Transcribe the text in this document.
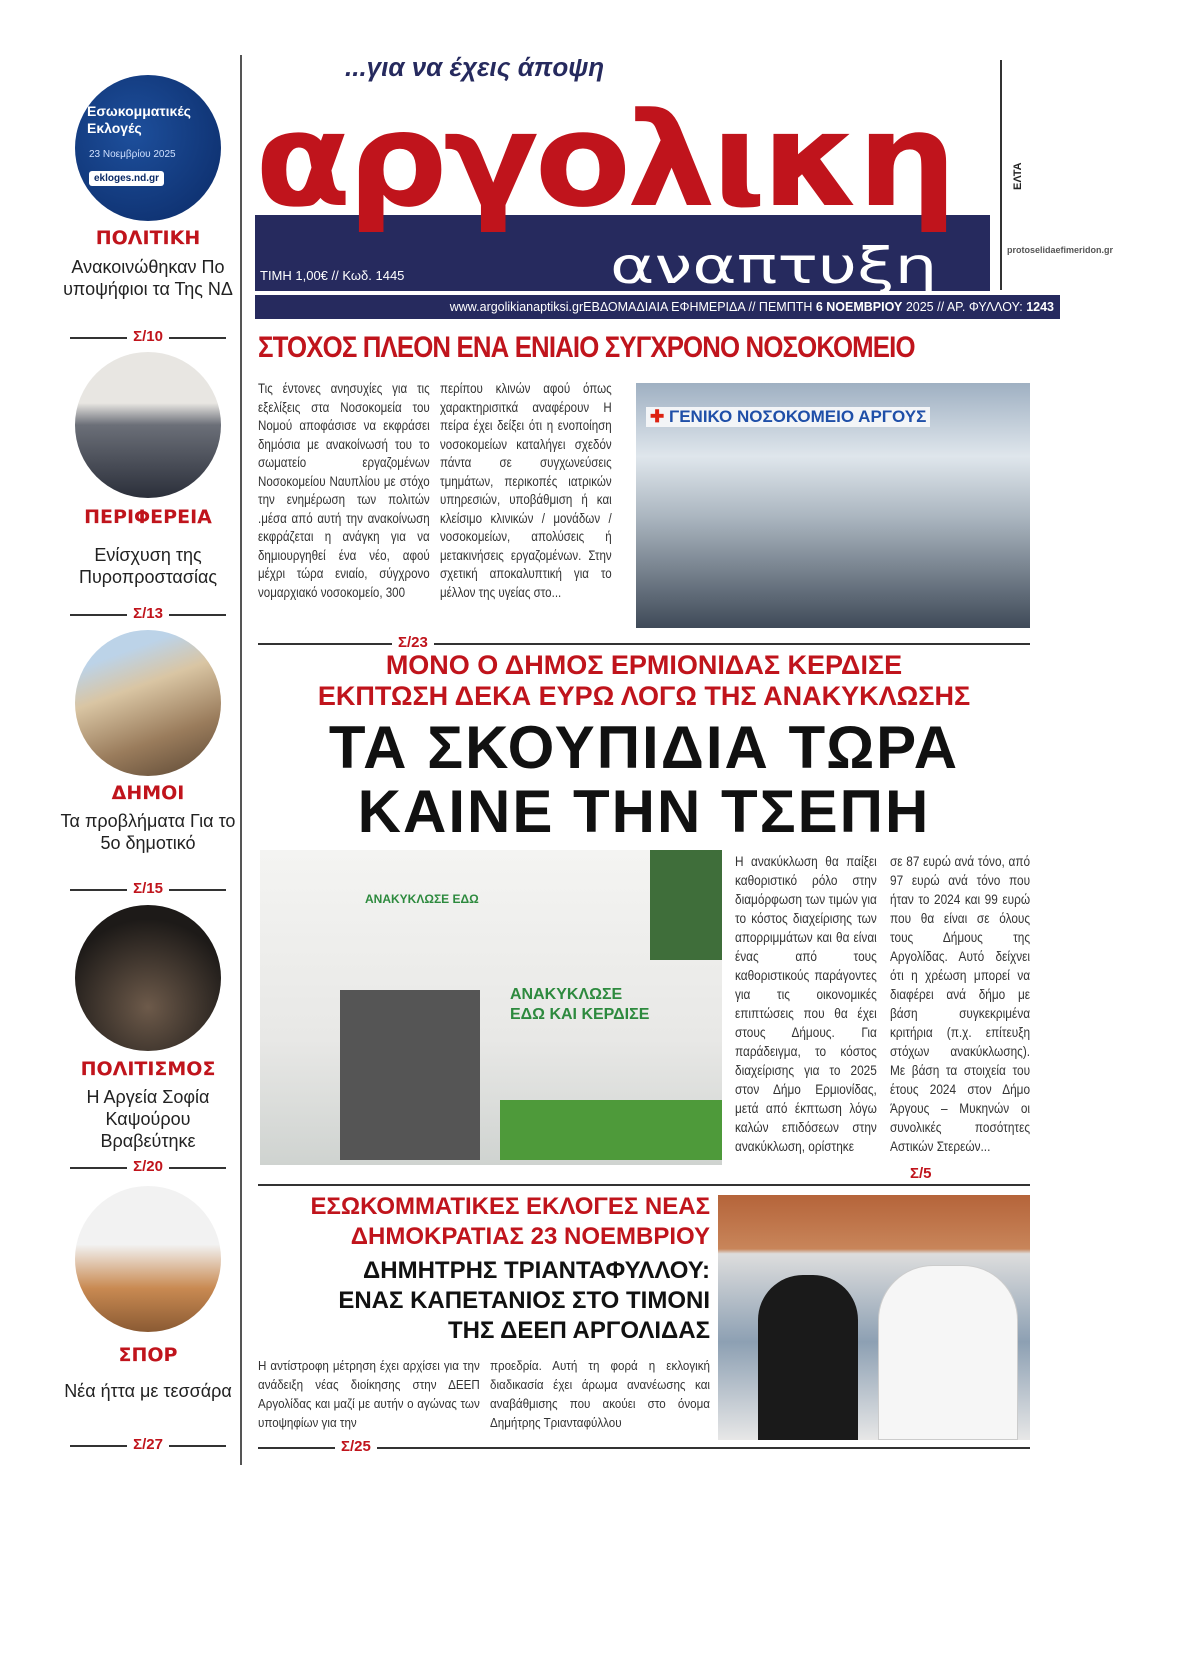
Εσωκομματικές Εκλογές
23 Νοεμβρίου 2025
ekloges.nd.gr
ΠΟΛΙΤΙΚΗ
Ανακοινώθηκαν Πο υποψήφιοι τα Της ΝΔ
Σ/10
ΠΕΡΙΦΕΡΕΙΑ
Ενίσχυση της Πυροπροστασίας
Σ/13
ΔΗΜΟΙ
Τα προβλήματα Για το 5ο δημοτικό
Σ/15
ΠΟΛΙΤΙΣΜΟΣ
Η Αργεία Σοφία Καψούρου Βραβεύτηκε
Σ/20
ΣΠΟΡ
Νέα ήττα με τεσσάρα
Σ/27
...για να έχεις άποψη
αργολικη
αναπτυξη
ΤΙΜΗ 1,00€ // Κωδ. 1445
ΕΛΤΑ
protoselidaefimeridon.gr
www.argolikianaptiksi.grΕΒΔΟΜΑΔΙΑΙΑ ΕΦΗΜΕΡΙΔΑ // ΠΕΜΠΤΗ 6 ΝΟΕΜΒΡΙΟΥ 2025 // ΑΡ. ΦΥΛΛΟΥ: 1243
ΣΤΟΧΟΣ ΠΛΕΟΝ ΕΝΑ ΕΝΙΑΙΟ ΣΥΓΧΡΟΝΟ ΝΟΣΟΚΟΜΕΙΟ
Τις έντονες ανησυχίες για τις εξελίξεις στα Νοσοκομεία του Νομού αποφάσισε να εκφράσει δημόσια με ανακοίνωσή του το σωματείο εργαζομένων Νοσοκομείου Ναυπλίου με στόχο την ενημέρωση των πολιτών .μέσα από αυτή την ανακοίνωση εκφράζεται η ανάγκη για να δημιουργηθεί ένα νέο, αφού μέχρι τώρα ενιαίο, σύγχρονο νομαρχιακό νοσοκομείο, 300
περίπου κλινών αφού όπως χαρακτηρισιτκά αναφέρουν Η πείρα έχει δείξει ότι η ενοποίηση νοσοκομείων καταλήγει σχεδόν πάντα σε συγχωνεύσεις τμημάτων, περικοπές ιατρικών υπηρεσιών, υποβάθμιση ή και κλείσιμο κλινικών / μονάδων / νοσοκομείων, απολύσεις ή μετακινήσεις εργαζομένων. Στην σχετική αποκαλυπτική για το μέλλον της υγείας στο...
✚ ΓΕΝΙΚΟ ΝΟΣΟΚΟΜΕΙΟ ΑΡΓΟΥΣ
Σ/23
ΜΟΝΟ Ο ΔΗΜΟΣ ΕΡΜΙΟΝΙΔΑΣ ΚΕΡΔΙΣΕ
ΕΚΠΤΩΣΗ ΔΕΚΑ ΕΥΡΩ ΛΟΓΩ ΤΗΣ ΑΝΑΚΥΚΛΩΣΗΣ
ΤΑ ΣΚΟΥΠΙΔΙΑ ΤΩΡΑ
ΚΑΙΝΕ ΤΗΝ ΤΣΕΠΗ
ΑΝΑΚΥΚΛΩΣΕ ΕΔΩ
ΑΝΑΚΥΚΛΩΣΕ ΕΔΩ ΚΑΙ ΚΕΡΔΙΣΕ
Η ανακύκλωση θα παίξει καθοριστικό ρόλο στην διαμόρφωση των τιμών για το κόστος διαχείρισης των απορριμμάτων και θα είναι ένας από τους καθοριστικούς παράγοντες για τις οικονομικές επιπτώσεις που θα έχει στους Δήμους. Για παράδειγμα, το κόστος διαχείρισης για το 2025 στον Δήμο Ερμιονίδας, μετά από έκπτωση λόγω καλών επιδόσεων στην ανακύκλωση, ορίστηκε
σε 87 ευρώ ανά τόνο, από 97 ευρώ ανά τόνο που ήταν το 2024 και 99 ευρώ που θα είναι σε όλους τους Δήμους της Αργολίδας. Αυτό δείχνει ότι η χρέωση μπορεί να διαφέρει ανά δήμο με βάση συγκεκριμένα κριτήρια (π.χ. επίτευξη στόχων ανακύκλωσης). Με βάση τα στοιχεία του έτους 2024 στον Δήμο Άργους – Μυκηνών οι συνολικές ποσότητες Αστικών Στερεών...
Σ/5
ΕΣΩΚΟΜΜΑΤΙΚΕΣ ΕΚΛΟΓΕΣ ΝΕΑΣ
ΔΗΜΟΚΡΑΤΙΑΣ 23 ΝΟΕΜΒΡΙΟΥ
ΔΗΜΗΤΡΗΣ ΤΡΙΑΝΤΑΦΥΛΛΟΥ:
ΕΝΑΣ ΚΑΠΕΤΑΝΙΟΣ ΣΤΟ ΤΙΜΟΝΙ
ΤΗΣ ΔΕΕΠ ΑΡΓΟΛΙΔΑΣ
Η αντίστροφη μέτρηση έχει αρχίσει για την ανάδειξη νέας διοίκησης στην ΔΕΕΠ Αργολίδας και μαζί με αυτήν ο αγώνας των υποψηφίων για την
προεδρία. Αυτή τη φορά η εκλογική διαδικασία έχει άρωμα ανανέωσης και αναβάθμισης που ακούει στο όνομα Δημήτρης Τριανταφύλλου
Σ/25
